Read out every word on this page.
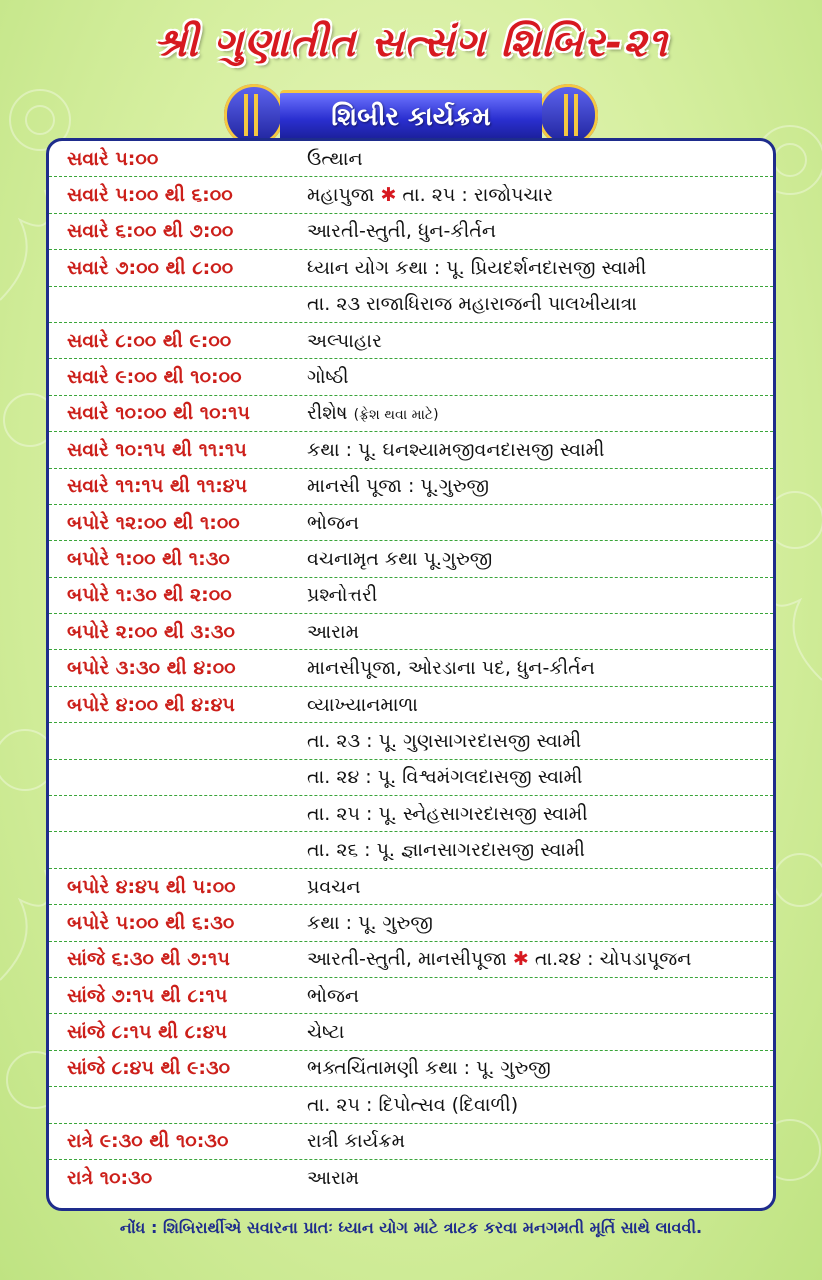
શ્રી ગુણાતીત સત્સંગ શિબિર-૨૧
શિબીર કાર્યક્રમ
સવારે ૫:૦૦	ઉત્થાન
સવારે ૫:૦૦ થી ૬:૦૦	મહાપુજા ✱ તા. ૨૫ : રાજોપચાર
સવારે ૬:૦૦ થી ૭:૦૦	આરતી-સ્તુતી, ધુન-કીર્તન
સવારે ૭:૦૦ થી ૮:૦૦	ધ્યાન યોગ કથા : પૂ. પ્રિયદર્શનદાસજી સ્વામી
તા. ૨૩ રાજાધિરાજ મહારાજની પાલખીયાત્રા
સવારે ૮:૦૦ થી ૯:૦૦	અલ્પાહાર
સવારે ૯:૦૦ થી ૧૦:૦૦	ગોષ્ઠી
સવારે ૧૦:૦૦ થી ૧૦:૧૫	રીશેષ (ફ્રેશ થવા માટે)
સવારે ૧૦:૧૫ થી ૧૧:૧૫	કથા : પૂ. ઘનશ્યામજીવનદાસજી સ્વામી
સવારે ૧૧:૧૫ થી ૧૧:૪૫	માનસી પૂજા : પૂ.ગુરુજી
બપોરે ૧૨:૦૦ થી ૧:૦૦	ભોજન
બપોરે ૧:૦૦ થી ૧:૩૦	વચનામૃત કથા પૂ.ગુરુજી
બપોરે ૧:૩૦ થી ૨:૦૦	પ્રશ્નોત્તરી
બપોરે ૨:૦૦ થી ૩:૩૦	આરામ
બપોરે ૩:૩૦ થી ૪:૦૦	માનસીપૂજા, ઓરડાના પદ, ધુન-કીર્તન
બપોરે ૪:૦૦ થી ૪:૪૫	વ્યાખ્યાનમાળા
તા. ૨૩ : પૂ. ગુણસાગરદાસજી સ્વામી
તા. ૨૪ : પૂ. વિશ્વમંગલદાસજી સ્વામી
તા. ૨૫ : પૂ. સ્નેહસાગરદાસજી સ્વામી
તા. ૨૬ : પૂ. જ્ઞાનસાગરદાસજી સ્વામી
બપોરે ૪:૪૫ થી ૫:૦૦	પ્રવચન
બપોરે ૫:૦૦ થી ૬:૩૦	કથા : પૂ. ગુરુજી
સાંજે ૬:૩૦ થી ૭:૧૫	આરતી-સ્તુતી, માનસીપૂજા ✱ તા.૨૪ : ચોપડાપૂજન
સાંજે ૭:૧૫ થી ૮:૧૫	ભોજન
સાંજે ૮:૧૫ થી ૮:૪૫	ચેષ્ટા
સાંજે ૮:૪૫ થી ૯:૩૦	ભક્તચિંતામણી કથા : પૂ. ગુરુજી
તા. ૨૫ : દિપોત્સવ (દિવાળી)
રાત્રે ૯:૩૦ થી ૧૦:૩૦	રાત્રી કાર્યક્રમ
રાત્રે ૧૦:૩૦	આરામ
નોંધ : શિબિરાર્થીએ સવારના પ્રાતઃ ધ્યાન યોગ માટે ત્રાટક કરવા મનગમતી મૂર્તિ સાથે લાવવી.
